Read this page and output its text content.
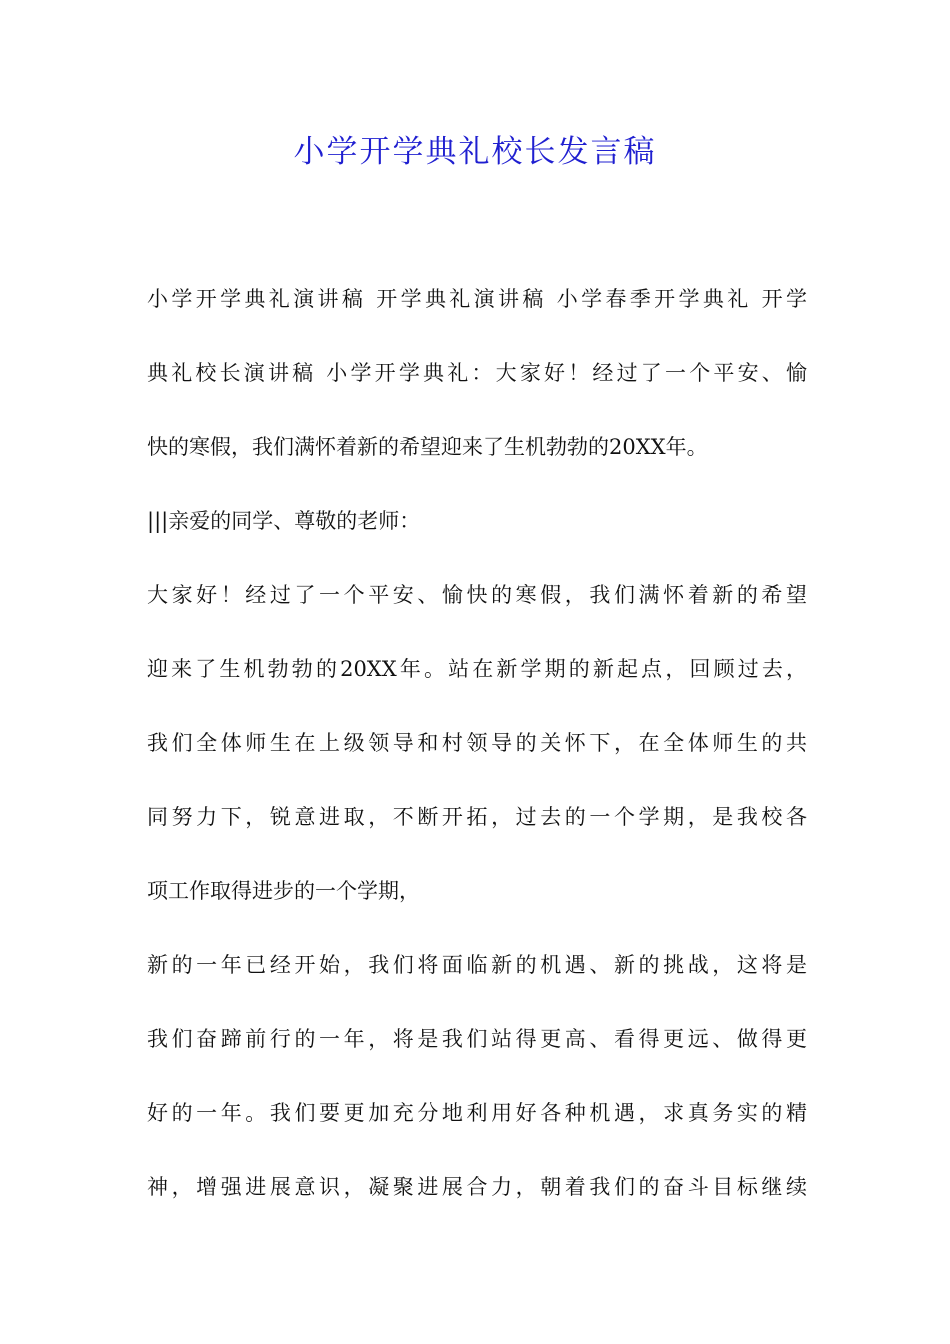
小学开学典礼校长发言稿

小学开学典礼演讲稿 开学典礼演讲稿 小学春季开学典礼 开学

典礼校长演讲稿 小学开学典礼：大家好！经过了一个平安、愉

快的寒假，我们满怀着新的希望迎来了生机勃勃的20XX年。

|||亲爱的同学、尊敬的老师：

大家好！经过了一个平安、愉快的寒假，我们满怀着新的希望

迎来了生机勃勃的20XX年。站在新学期的新起点，回顾过去，

我们全体师生在上级领导和村领导的关怀下，在全体师生的共

同努力下，锐意进取，不断开拓，过去的一个学期，是我校各

项工作取得进步的一个学期，

新的一年已经开始，我们将面临新的机遇、新的挑战，这将是

我们奋蹄前行的一年，将是我们站得更高、看得更远、做得更

好的一年。我们要更加充分地利用好各种机遇，求真务实的精

神，增强进展意识，凝聚进展合力，朝着我们的奋斗目标继续
